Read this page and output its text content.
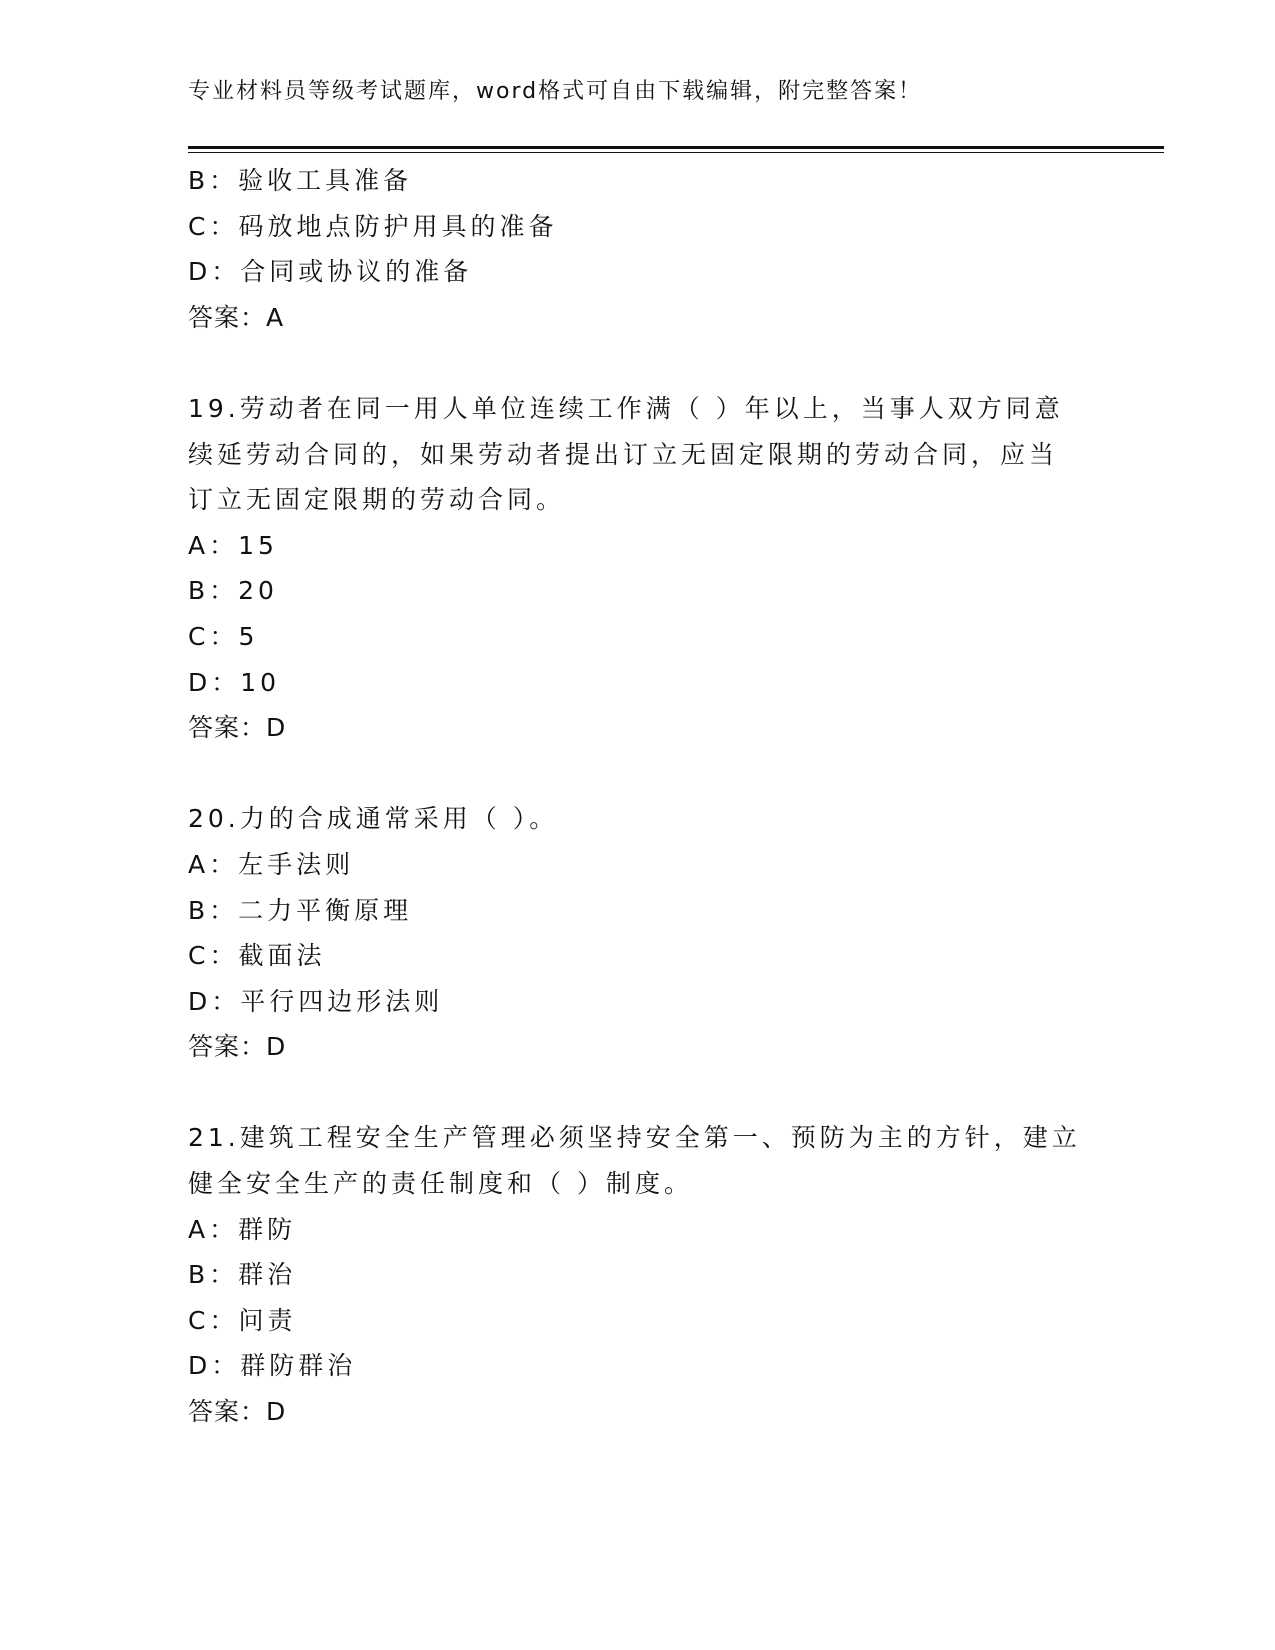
专业材料员等级考试题库，word格式可自由下载编辑，附完整答案！
B：验收工具准备
C：码放地点防护用具的准备
D：合同或协议的准备
答案：A
19.劳动者在同一用人单位连续工作满（ ）年以上，当事人双方同意
续延劳动合同的，如果劳动者提出订立无固定限期的劳动合同，应当
订立无固定限期的劳动合同。
A：15
B：20
C：5
D：10
答案：D
20.力的合成通常采用（ ）。
A：左手法则
B：二力平衡原理
C：截面法
D：平行四边形法则
答案：D
21.建筑工程安全生产管理必须坚持安全第一、预防为主的方针，建立
健全安全生产的责任制度和（ ）制度。
A：群防
B：群治
C：问责
D：群防群治
答案：D
